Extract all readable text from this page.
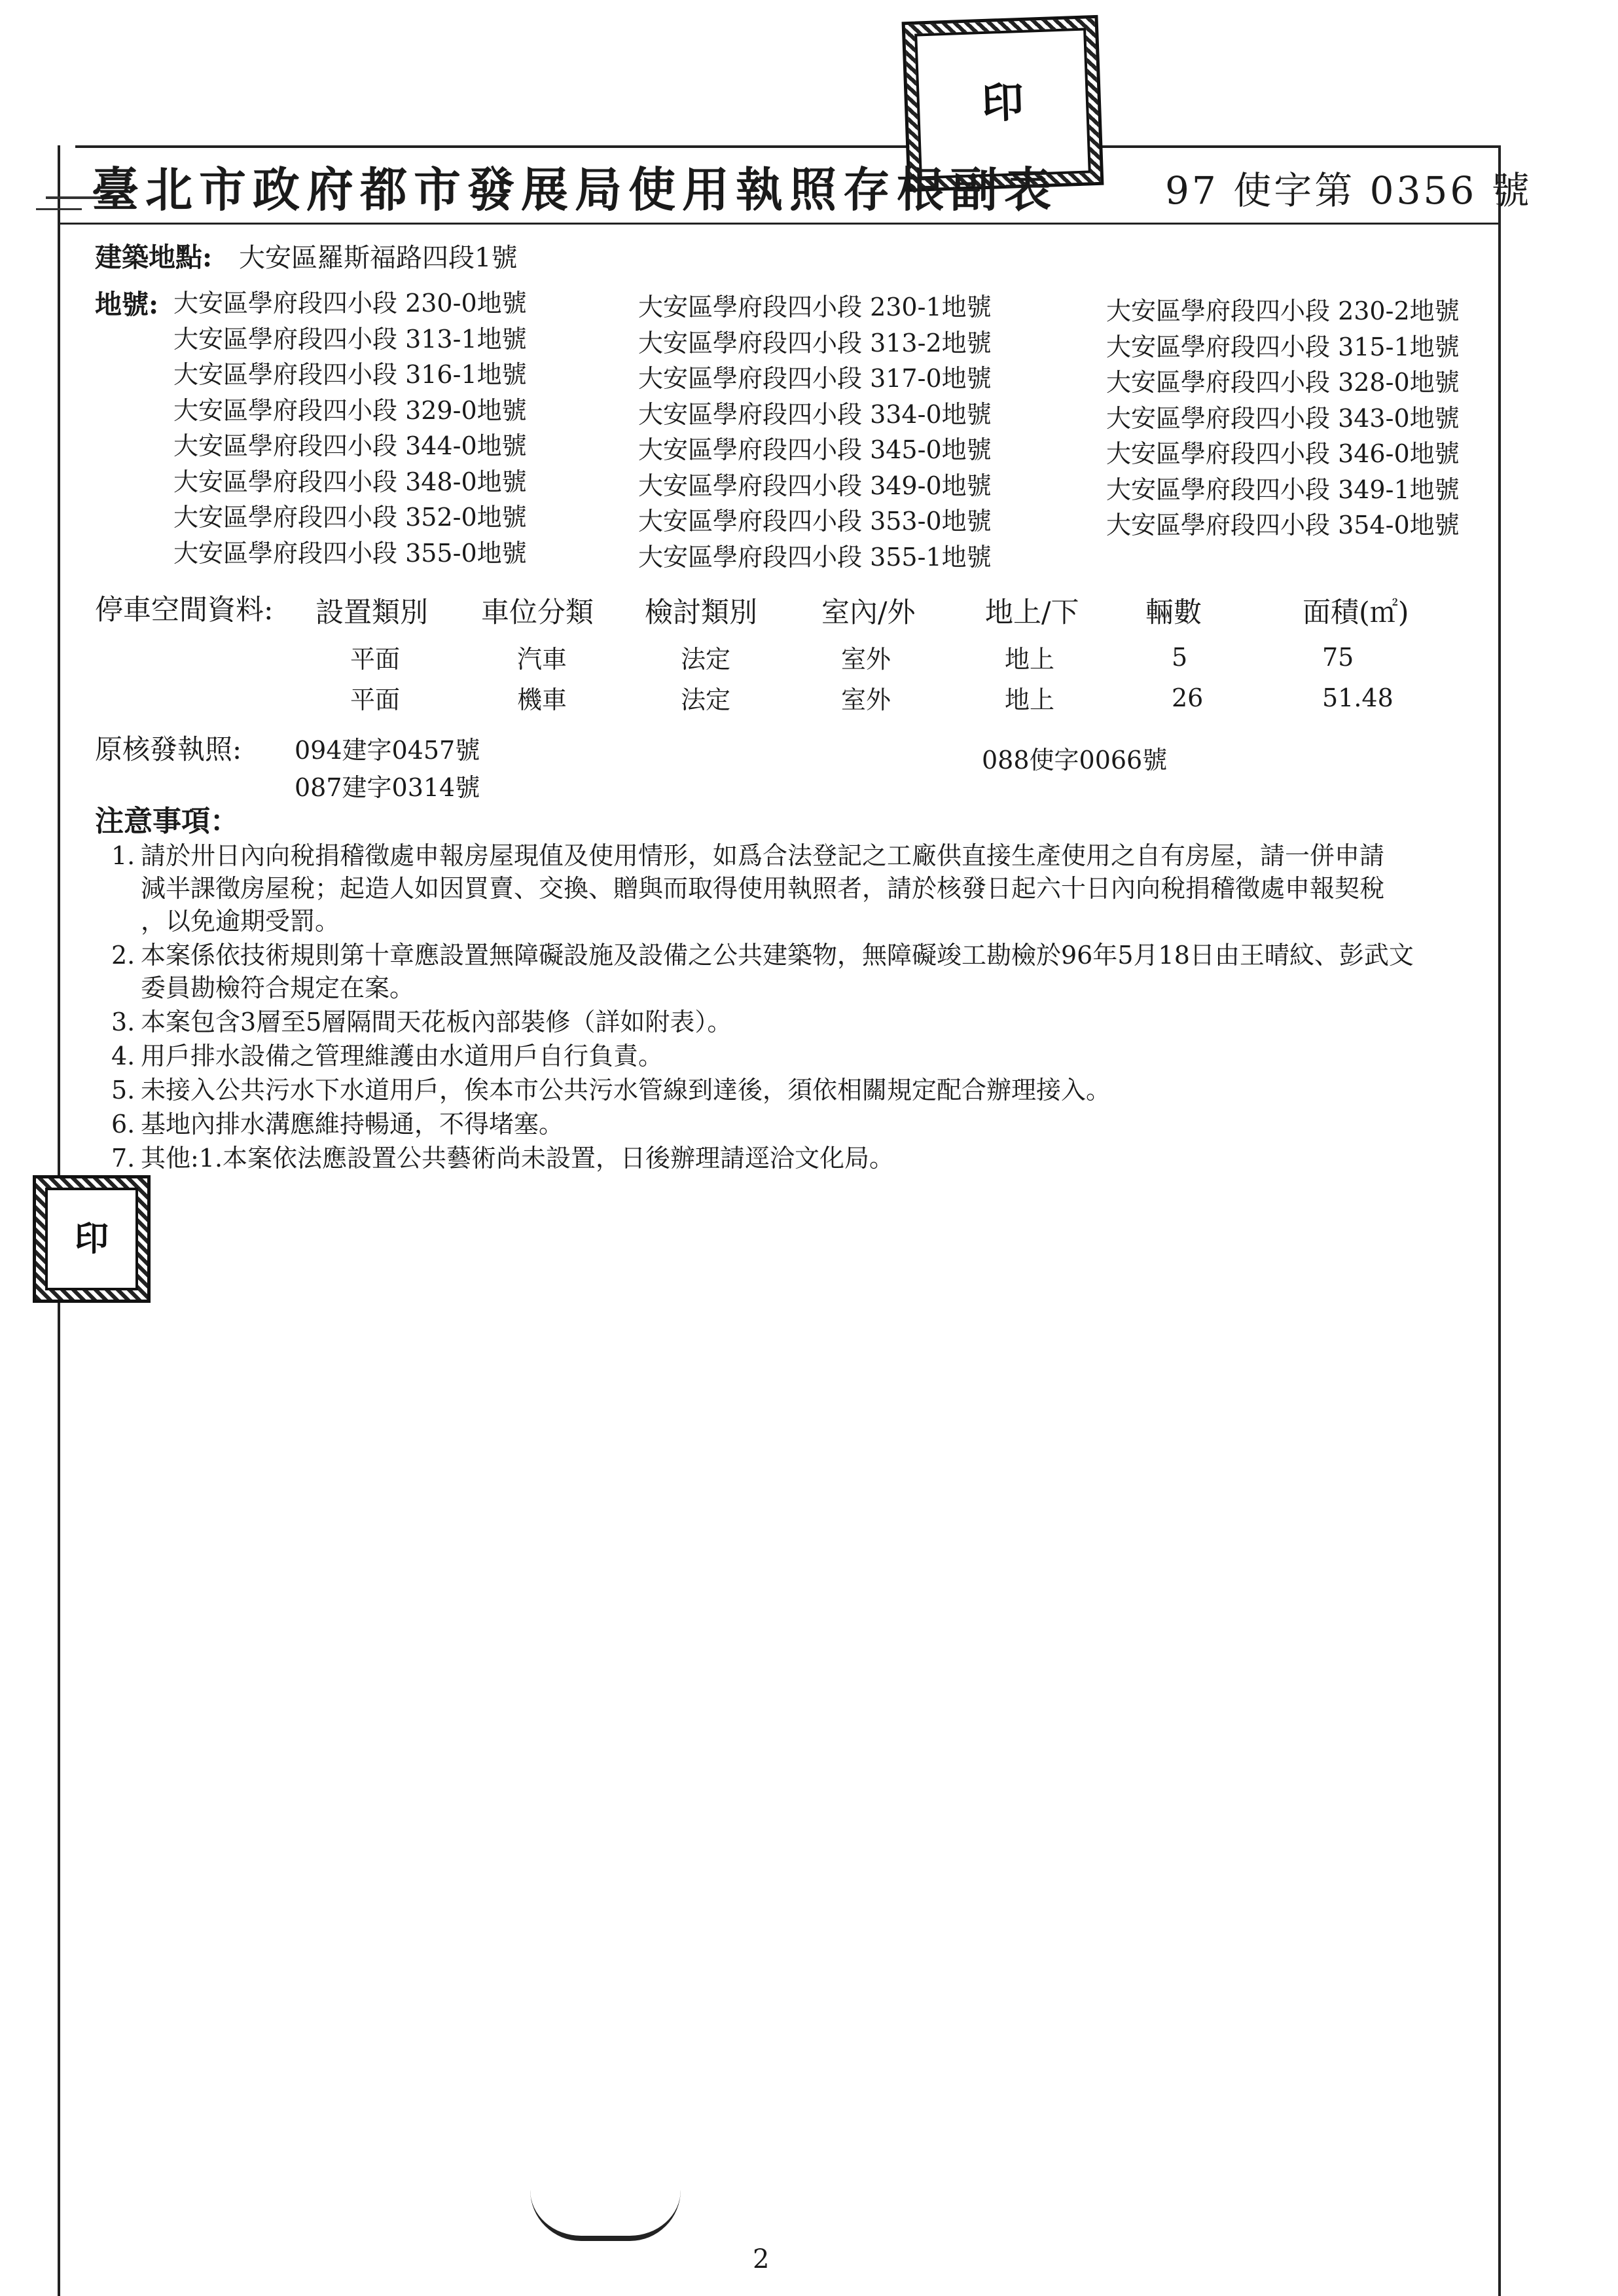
印
印
臺北市政府都市發展局使用執照存根副表	97 使字第 0356 號
建築地點: 大安區羅斯福路四段1號
地號: 大安區學府段四小段 230-0地號	大安區學府段四小段 230-1地號	大安區學府段四小段 230-2地號
大安區學府段四小段 313-1地號	大安區學府段四小段 313-2地號	大安區學府段四小段 315-1地號
大安區學府段四小段 316-1地號	大安區學府段四小段 317-0地號	大安區學府段四小段 328-0地號
大安區學府段四小段 329-0地號	大安區學府段四小段 334-0地號	大安區學府段四小段 343-0地號
大安區學府段四小段 344-0地號	大安區學府段四小段 345-0地號	大安區學府段四小段 346-0地號
大安區學府段四小段 348-0地號	大安區學府段四小段 349-0地號	大安區學府段四小段 349-1地號
大安區學府段四小段 352-0地號	大安區學府段四小段 353-0地號	大安區學府段四小段 354-0地號
大安區學府段四小段 355-0地號	大安區學府段四小段 355-1地號
停車空間資料: 設置類別 車位分類 檢討類別 室內/外 地上/下 輛數	面積(㎡)
平面	汽車	法定	室外	地上	5	75
平面	機車	法定	室外	地上	26	51.48
原核發執照: 094建字0457號
087建字0314號
088使字0066號
注意事項：
1. 請於卅日內向稅捐稽徵處申報房屋現值及使用情形，如爲合法登記之工廠供直接生產使用之自有房屋，請一併申請
減半課徵房屋稅；起造人如因買賣、交換、贈與而取得使用執照者，請於核發日起六十日內向稅捐稽徵處申報契稅
，以免逾期受罰。
2. 本案係依技術規則第十章應設置無障礙設施及設備之公共建築物，無障礙竣工勘檢於96年5月18日由王晴紋、彭武文
委員勘檢符合規定在案。
3. 本案包含3層至5層隔間天花板內部裝修（詳如附表）。
4. 用戶排水設備之管理維護由水道用戶自行負責。
5. 未接入公共污水下水道用戶，俟本市公共污水管線到達後，須依相關規定配合辦理接入。
6. 基地內排水溝應維持暢通，不得堵塞。
7. 其他:1.本案依法應設置公共藝術尚未設置，日後辦理請逕洽文化局。
2
